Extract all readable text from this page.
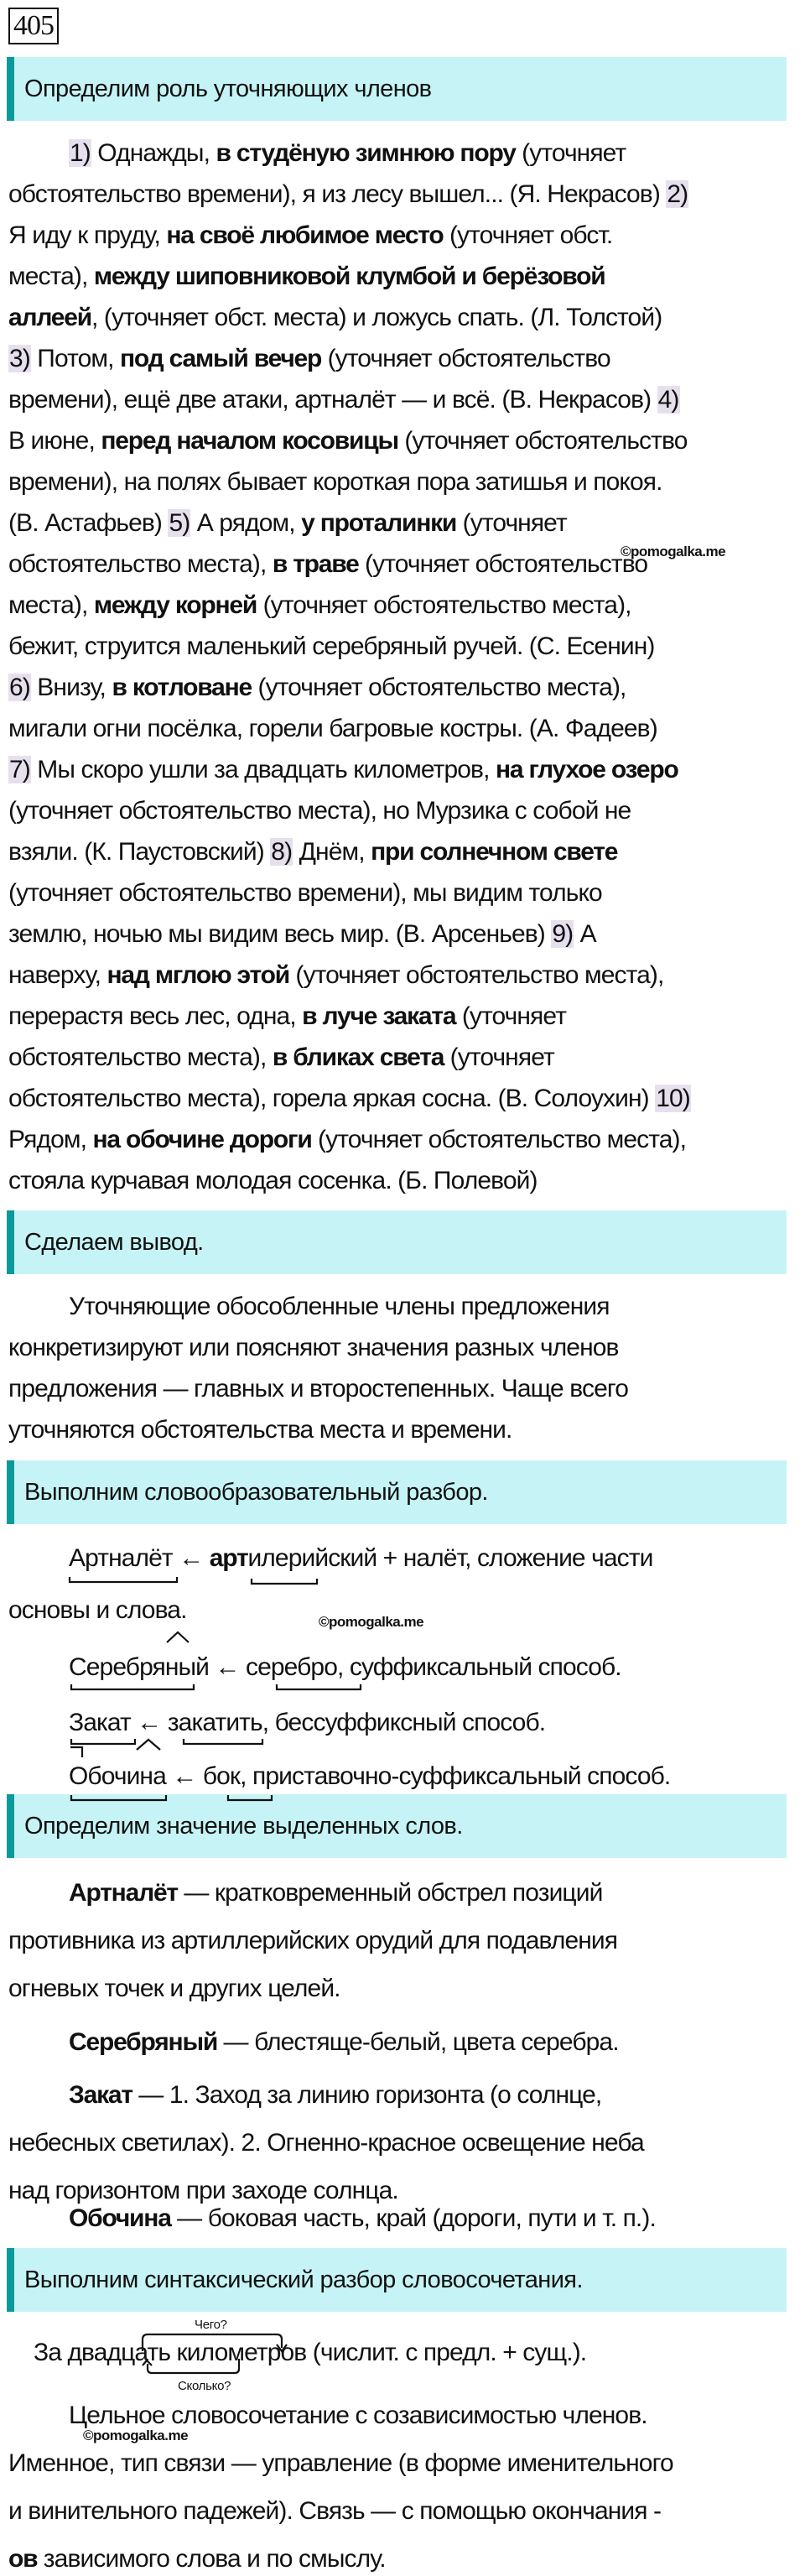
405
Определим роль уточняющих членов
Сделаем вывод.
Выполним словообразовательный разбор.
Определим значение выделенных слов.
Выполним синтаксический разбор словосочетания.
1) Однажды, в студёную зимнюю пору (уточняет
обстоятельство времени), я из лесу вышел... (Я. Некрасов) 2)
Я иду к пруду, на своё любимое место (уточняет обст.
места), между шиповниковой клумбой и берёзовой
аллеей, (уточняет обст. места) и ложусь спать. (Л. Толстой)
3) Потом, под самый вечер (уточняет обстоятельство
времени), ещё две атаки, артналёт — и всё. (В. Некрасов) 4)
В июне, перед началом косовицы (уточняет обстоятельство
времени), на полях бывает короткая пора затишья и покоя.
(В. Астафьев) 5) А рядом, у проталинки (уточняет
обстоятельство места), в траве (уточняет обстоятельство
места), между корней (уточняет обстоятельство места),
бежит, струится маленький серебряный ручей. (С. Есенин)
6) Внизу, в котловане (уточняет обстоятельство места),
мигали огни посёлка, горели багровые костры. (А. Фадеев)
7) Мы скоро ушли за двадцать километров, на глухое озеро
(уточняет обстоятельство места), но Мурзика с собой не
взяли. (К. Паустовский) 8) Днём, при солнечном свете
(уточняет обстоятельство времени), мы видим только
землю, ночью мы видим весь мир. (В. Арсеньев) 9) А
наверху, над мглою этой (уточняет обстоятельство места),
перерастя весь лес, одна, в луче заката (уточняет
обстоятельство места), в бликах света (уточняет
обстоятельство места), горела яркая сосна. (В. Солоухин) 10)
Рядом, на обочине дороги (уточняет обстоятельство места),
стояла курчавая молодая сосенка. (Б. Полевой)
Уточняющие обособленные члены предложения
конкретизируют или поясняют значения разных членов
предложения — главных и второстепенных. Чаще всего
уточняются обстоятельства места и времени.
Артналёт ← артилерийский + налёт, сложение части
основы и слова.
Серебряный ← серебро, суффиксальный способ.
Закат ← закатить, бессуффиксный способ.
Обочина ← бок, приставочно-суффиксальный способ.
Артналёт — кратковременный обстрел позиций
противника из артиллерийских орудий для подавления
огневых точек и других целей.
Серебряный — блестяще-белый, цвета серебра.
Закат — 1. Заход за линию горизонта (о солнце,
небесных светилах). 2. Огненно-красное освещение неба
над горизонтом при заходе солнца.
Обочина — боковая часть, край (дороги, пути и т. п.).
За двадцать километров (числит. с предл. + сущ.).
Цельное словосочетание с созависимостью членов.
Именное, тип связи — управление (в форме именительного
и винительного падежей). Связь — с помощью окончания -
ов зависимого слова и по смыслу.
Чего?
Сколько?
©pomogalka.me
©pomogalka.me
©pomogalka.me
